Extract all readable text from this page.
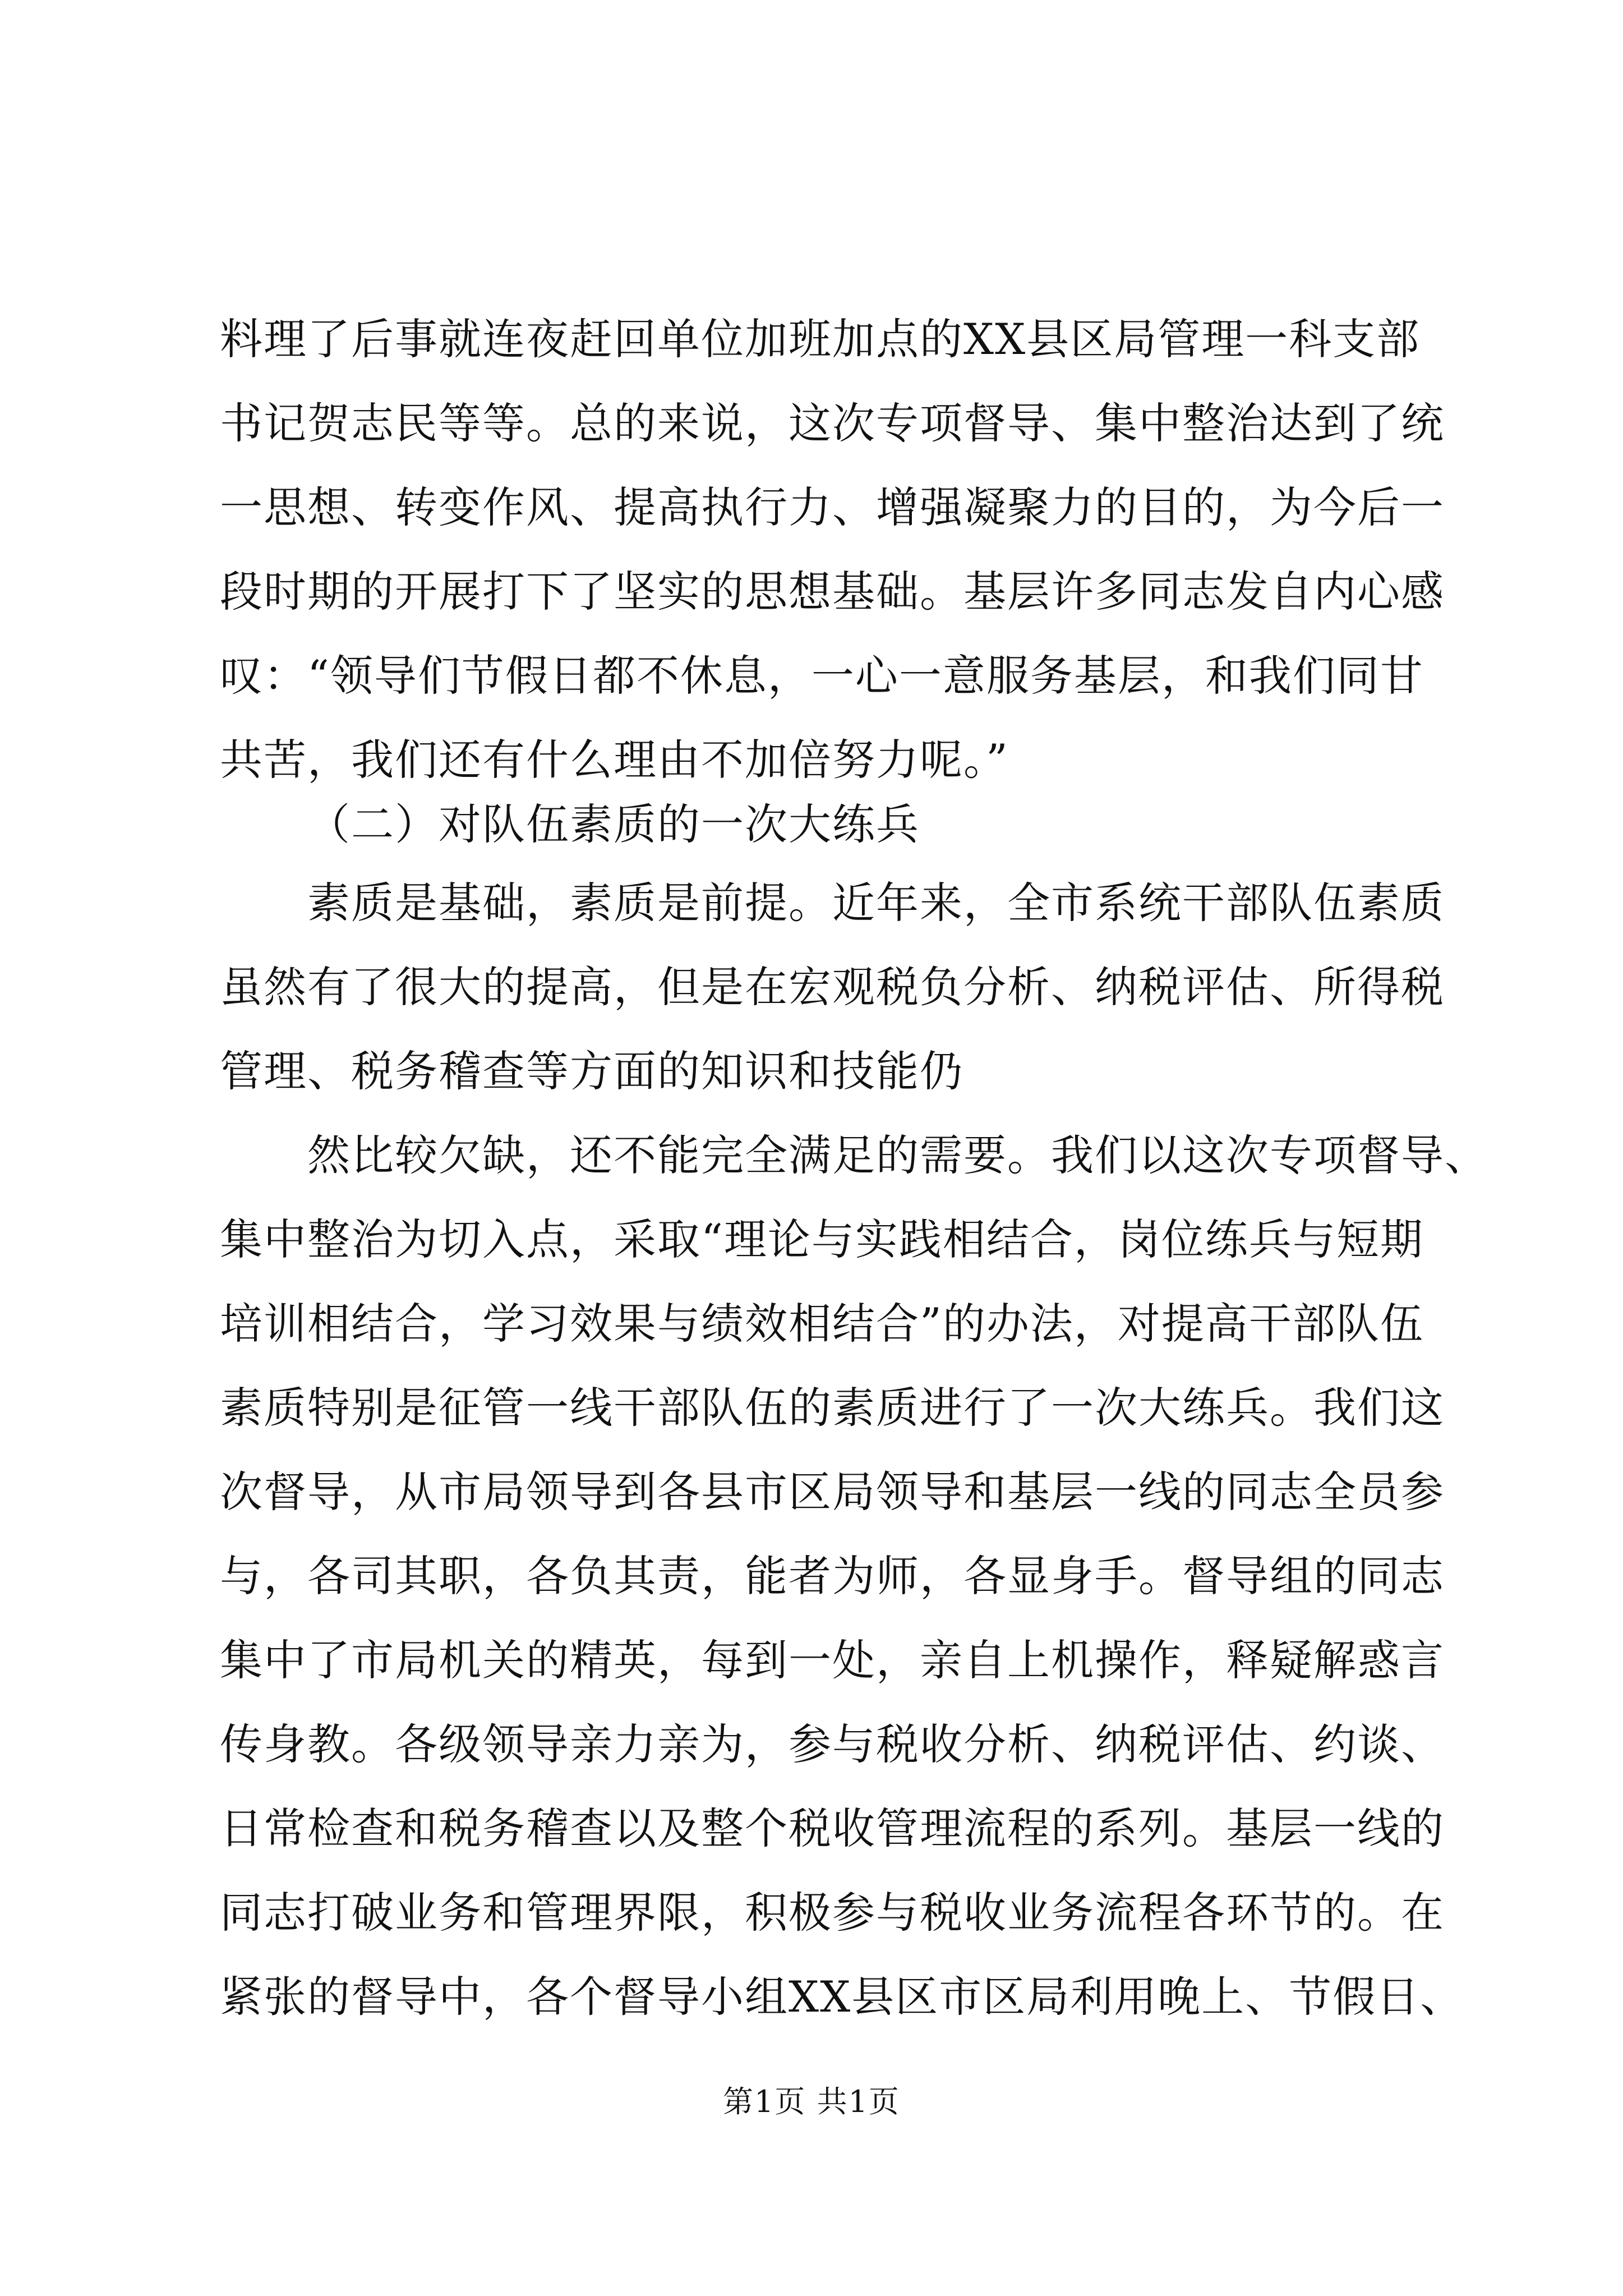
料理了后事就连夜赶回单位加班加点的XX县区局管理一科支部
书记贺志民等等。总的来说，这次专项督导、集中整治达到了统
一思想、转变作风、提高执行力、增强凝聚力的目的，为今后一
段时期的开展打下了坚实的思想基础。基层许多同志发自内心感
叹：“领导们节假日都不休息，一心一意服务基层，和我们同甘
共苦，我们还有什么理由不加倍努力呢。”
（二）对队伍素质的一次大练兵
素质是基础，素质是前提。近年来，全市系统干部队伍素质
虽然有了很大的提高，但是在宏观税负分析、纳税评估、所得税
管理、税务稽查等方面的知识和技能仍
然比较欠缺，还不能完全满足的需要。我们以这次专项督导、
集中整治为切入点，采取“理论与实践相结合，岗位练兵与短期
培训相结合，学习效果与绩效相结合”的办法，对提高干部队伍
素质特别是征管一线干部队伍的素质进行了一次大练兵。我们这
次督导，从市局领导到各县市区局领导和基层一线的同志全员参
与，各司其职，各负其责，能者为师，各显身手。督导组的同志
集中了市局机关的精英，每到一处，亲自上机操作，释疑解惑言
传身教。各级领导亲力亲为，参与税收分析、纳税评估、约谈、
日常检查和税务稽查以及整个税收管理流程的系列。基层一线的
同志打破业务和管理界限，积极参与税收业务流程各环节的。在
紧张的督导中，各个督导小组XX县区市区局利用晚上、节假日、
第1页 共1页
